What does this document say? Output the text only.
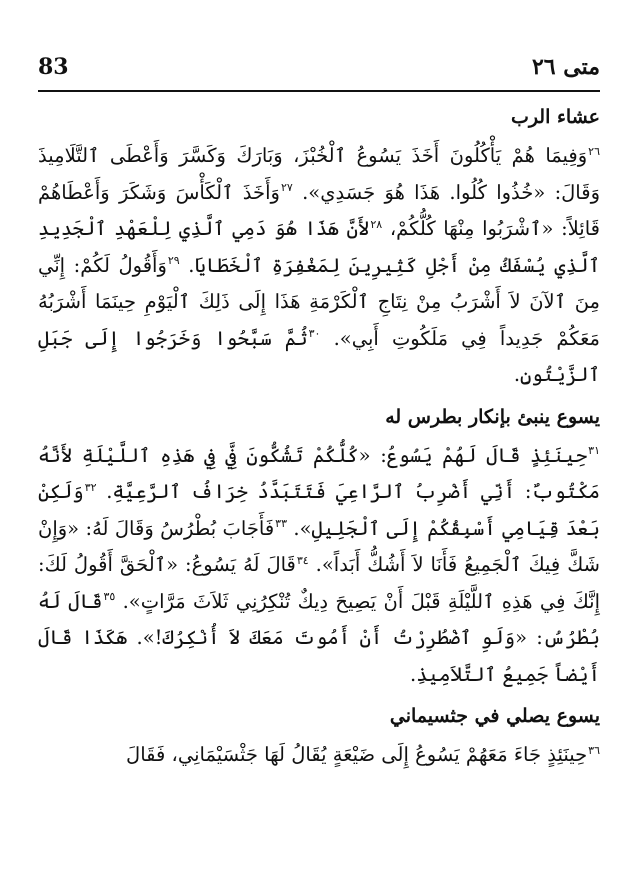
متى ٢٦
83
عشاء الرب

$^{٢٦}$وَفِيمَا هُمْ يَأْكُلُونَ أَخَذَ يَسُوعُ ٱلْخُبْزَ، وَبَارَكَ وَكَسَّرَ وَأَعْطَى ٱلتَّلَامِيذَ وَقَالَ: «خُذُوا كُلُوا. هَذَا هُوَ جَسَدِي». $^{٢٧}$وَأَخَذَ ٱلْكَأْسَ وَشَكَرَ وَأَعْطَاهُمْ قَائِلاً: «ٱشْرَبُوا مِنْهَا كُلُّكُمْ، $^{٢٨}$لأَنَّ هَذَا هُوَ دَمِي ٱلَّذِي لِلْعَهْدِ ٱلْجَدِيدِ ٱلَّذِي يُسْفَكُ مِنْ أَجْلِ كَثِيرِينَ لِمَغْفِرَةِ ٱلْخَطَايَا. $^{٢٩}$وَأَقُولُ لَكُمْ: إِنِّي مِنَ ٱلآنَ لاَ أَشْرَبُ مِنْ نِتَاجِ ٱلْكَرْمَةِ هَذَا إِلَى ذَلِكَ ٱلْيَوْمِ حِينَمَا أَشْرَبُهُ مَعَكُمْ جَدِيداً فِي مَلَكُوتِ أَبِي». $^{٣٠}$ثُمَّ سَبَّحُوا وَخَرَجُوا إِلَى جَبَلِ ٱلزَّيْتُونِ.

يسوع ينبئ بإنكار بطرس له

$^{٣١}$حِينَئِذٍ قَالَ لَهُمْ يَسُوعُ: «كُلُّكُمْ تَشُكُّونَ فِيَّ فِي هَذِهِ ٱللَّيْلَةِ لأَنَّهُ مَكْتُوبٌ: أَنِّي أَضْرِبُ ٱلرَّاعِيَ فَتَتَبَدَّدُ خِرَافُ ٱلرَّعِيَّةِ. $^{٣٢}$وَلَكِنْ بَعْدَ قِيَامِي أَسْبِقُكُمْ إِلَى ٱلْجَلِيلِ». $^{٣٣}$فَأَجَابَ بُطْرُسُ وَقَالَ لَهُ: «وَإِنْ شَكَّ فِيكَ ٱلْجَمِيعُ فَأَنَا لاَ أَشُكُّ أَبَداً». $^{٣٤}$قَالَ لَهُ يَسُوعُ: «ٱلْحَقَّ أَقُولُ لَكَ: إِنَّكَ فِي هَذِهِ ٱللَّيْلَةِ قَبْلَ أَنْ يَصِيحَ دِيكٌ تُنْكِرُنِي ثَلاَثَ مَرَّاتٍ». $^{٣٥}$قَالَ لَهُ بُطْرُسُ: «وَلَوِ ٱضْطُرِرْتُ أَنْ أَمُوتَ مَعَكَ لاَ أُنْكِرُكَ!». هَكَذَا قَالَ أَيْضاً جَمِيعُ ٱلتَّلاَمِيذِ.

يسوع يصلي في جثسيماني

$^{٣٦}$حِينَئِذٍ جَاءَ مَعَهُمْ يَسُوعُ إِلَى ضَيْعَةٍ يُقَالُ لَهَا جَثْسَيْمَانِي، فَقَالَ
